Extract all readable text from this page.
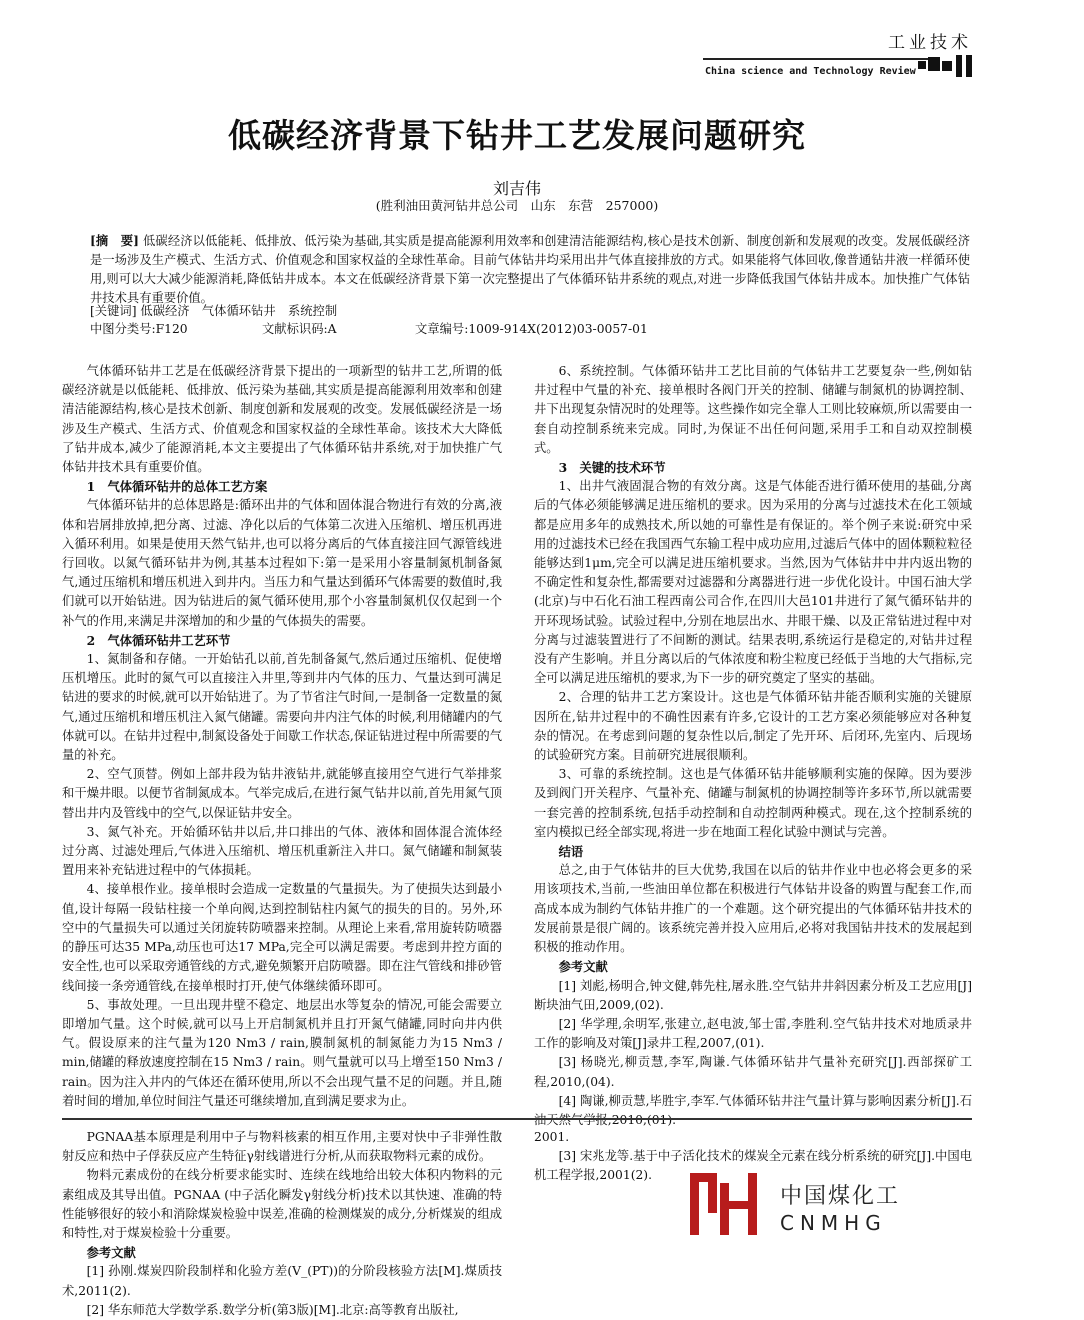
工业技术
China science and Technology Review
低碳经济背景下钻井工艺发展问题研究
刘吉伟
(胜利油田黄河钻井总公司　山东　东营　257000)
[摘　要] 低碳经济以低能耗、低排放、低污染为基础,其实质是提高能源利用效率和创建清洁能源结构,核心是技术创新、制度创新和发展观的改变。发展低碳经济是一场涉及生产模式、生活方式、价值观念和国家权益的全球性革命。目前气体钻井均采用出井气体直接排放的方式。如果能将气体回收,像普通钻井液一样循环使用,则可以大大减少能源消耗,降低钻井成本。本文在低碳经济背景下第一次完整提出了气体循环钻井系统的观点,对进一步降低我国气体钻井成本。加快推广气体钻井技术具有重要价值。
[关键词] 低碳经济　气体循环钻井　系统控制
中图分类号:F120	文献标识码:A	文章编号:1009-914X(2012)03-0057-01

气体循环钻井工艺是在低碳经济背景下提出的一项新型的钻井工艺,所谓的低碳经济就是以低能耗、低排放、低污染为基础,其实质是提高能源利用效率和创建清洁能源结构,核心是技术创新、制度创新和发展观的改变。发展低碳经济是一场涉及生产模式、生活方式、价值观念和国家权益的全球性革命。该技术大大降低了钻井成本,减少了能源消耗,本文主要提出了气体循环钻井系统,对于加快推广气体钻井技术具有重要价值。

1　气体循环钻井的总体工艺方案

气体循环钻井的总体思路是:循环出井的气体和固体混合物进行有效的分离,液体和岩屑排放掉,把分离、过滤、净化以后的气体第二次进入压缩机、增压机再进入循环利用。如果是使用天然气钻井,也可以将分离后的气体直接注回气源管线进行回收。以氮气循环钻井为例,其基本过程如下:第一是采用小容量制氮机制备氮气,通过压缩机和增压机进入到井内。当压力和气量达到循环气体需要的数值时,我们就可以开始钻进。因为钻进后的氮气循环使用,那个小容量制氮机仅仅起到一个补气的作用,来满足井深增加的和少量的气体损失的需要。

2　气体循环钻井工艺环节

1、氮制备和存储。一开始钻孔以前,首先制备氮气,然后通过压缩机、促使增压机增压。此时的氮气可以直接注入井里,等到井内气体的压力、气量达到可满足钻进的要求的时候,就可以开始钻进了。为了节省注气时间,一是制备一定数量的氮气,通过压缩机和增压机注入氮气储罐。需要向井内注气体的时候,利用储罐内的气体就可以。在钻井过程中,制氮设备处于间歇工作状态,保证钻进过程中所需要的气量的补充。

2、空气顶替。例如上部井段为钻井液钻井,就能够直接用空气进行气举排浆和干燥井眼。以便节省制氮成本。气举完成后,在进行氮气钻井以前,首先用氮气顶替出井内及管线中的空气,以保证钻井安全。

3、氮气补充。开始循环钻井以后,井口排出的气体、液体和固体混合流体经过分离、过滤处理后,气体进入压缩机、增压机重新注入井口。氮气储罐和制氮装置用来补充钻进过程中的气体损耗。

4、接单根作业。接单根时会造成一定数量的气量损失。为了使损失达到最小值,设计每隔一段钻柱接一个单向阀,达到控制钻柱内氮气的损失的目的。另外,环空中的气量损失可以通过关闭旋转防喷器来控制。从理论上来看,常用旋转防喷器的静压可达35 MPa,动压也可达17 MPa,完全可以满足需要。考虑到井控方面的安全性,也可以采取旁通管线的方式,避免频繁开启防喷器。即在注气管线和排砂管线间接一条旁通管线,在接单根时打开,使气体继续循环即可。

5、事故处理。一旦出现井壁不稳定、地层出水等复杂的情况,可能会需要立即增加气量。这个时候,就可以马上开启制氮机并且打开氮气储罐,同时向井内供气。假设原来的注气量为120 Nm3 / rain,膜制氮机的制氮能力为15 Nm3 / min,储罐的释放速度控制在15 Nm3 / rain。则气量就可以马上增至150 Nm3 / rain。因为注入井内的气体还在循环使用,所以不会出现气量不足的问题。并且,随着时间的增加,单位时间注气量还可继续增加,直到满足要求为止。

6、系统控制。气体循环钻井工艺比目前的气体钻井工艺要复杂一些,例如钻井过程中气量的补充、接单根时各阀门开关的控制、储罐与制氮机的协调控制、井下出现复杂情况时的处理等。这些操作如完全靠人工则比较麻烦,所以需要由一套自动控制系统来完成。同时,为保证不出任何问题,采用手工和自动双控制模式。

3　关键的技术环节

1、出井气液固混合物的有效分离。这是气体能否进行循环使用的基础,分离后的气体必须能够满足进压缩机的要求。因为采用的分离与过滤技术在化工领域都是应用多年的成熟技术,所以她的可靠性是有保证的。举个例子来说:研究中采用的过滤技术已经在我国西气东输工程中成功应用,过滤后气体中的固体颗粒粒径能够达到1μm,完全可以满足进压缩机要求。当然,因为气体钻井中井内返出物的不确定性和复杂性,都需要对过滤器和分离器进行进一步优化设计。中国石油大学(北京)与中石化石油工程西南公司合作,在四川大邑101井进行了氮气循环钻井的开环现场试验。试验过程中,分别在地层出水、井眼干燥、以及正常钻进过程中对分离与过滤装置进行了不间断的测试。结果表明,系统运行是稳定的,对钻井过程没有产生影响。并且分离以后的气体浓度和粉尘粒度已经低于当地的大气指标,完全可以满足进压缩机的要求,为下一步的研究奠定了坚实的基础。

2、合理的钻井工艺方案设计。这也是气体循环钻井能否顺利实施的关键原因所在,钻井过程中的不确性因素有许多,它设计的工艺方案必须能够应对各种复杂的情况。在考虑到问题的复杂性以后,制定了先开环、后闭环,先室内、后现场的试验研究方案。目前研究进展很顺利。

3、可靠的系统控制。这也是气体循环钻井能够顺利实施的保障。因为要涉及到阀门开关程序、气量补充、储罐与制氮机的协调控制等许多环节,所以就需要一套完善的控制系统,包括手动控制和自动控制两种模式。现在,这个控制系统的室内模拟已经全部实现,将进一步在地面工程化试验中测试与完善。

结语

总之,由于气体钻井的巨大优势,我国在以后的钻井作业中也必将会更多的采用该项技术,当前,一些油田单位都在积极进行气体钻井设备的购置与配套工作,而高成本成为制约气体钻井推广的一个难题。这个研究提出的气体循环钻井技术的发展前景是很广阔的。该系统完善并投入应用后,必将对我国钻井技术的发展起到积极的推动作用。

参考文献

[1] 刘彪,杨明合,钟文健,韩先柱,屠永胜.空气钻井井斜因素分析及工艺应用[J]断块油气田,2009,(02).

[2] 华学理,余明军,张建立,赵电波,邹士雷,李胜利.空气钻井技术对地质录井工作的影响及对策[J]录井工程,2007,(01).

[3] 杨晓光,柳贡慧,李军,陶谦.气体循环钻井气量补充研究[J].西部探矿工程,2010,(04).

[4] 陶谦,柳贡慧,毕胜宇,李军.气体循环钻井注气量计算与影响因素分析[J].石油天然气学报,2010,(01).

PGNAA基本原理是利用中子与物料核素的相互作用,主要对快中子非弹性散射反应和热中子俘获反应产生特征γ射线谱进行分析,从而获取物料元素的成份。

物料元素成份的在线分析要求能实时、连续在线地给出较大体积内物料的元素组成及其导出值。PGNAA (中子活化瞬发γ射线分析)技术以其快速、准确的特性能够很好的较小和消除煤炭检验中误差,准确的检测煤炭的成分,分析煤炭的组成和特性,对于煤炭检验十分重要。

参考文献

[1] 孙刚.煤炭四阶段制样和化验方差(V_(PT))的分阶段核验方法[M].煤质技术,2011(2).

[2] 华东师范大学数学系.数学分析(第3版)[M].北京:高等教育出版社,

2001.

[3] 宋兆龙等.基于中子活化技术的煤炭全元素在线分析系统的研究[J].中国电机工程学报,2001(2).

中国煤化工
CNMHG
